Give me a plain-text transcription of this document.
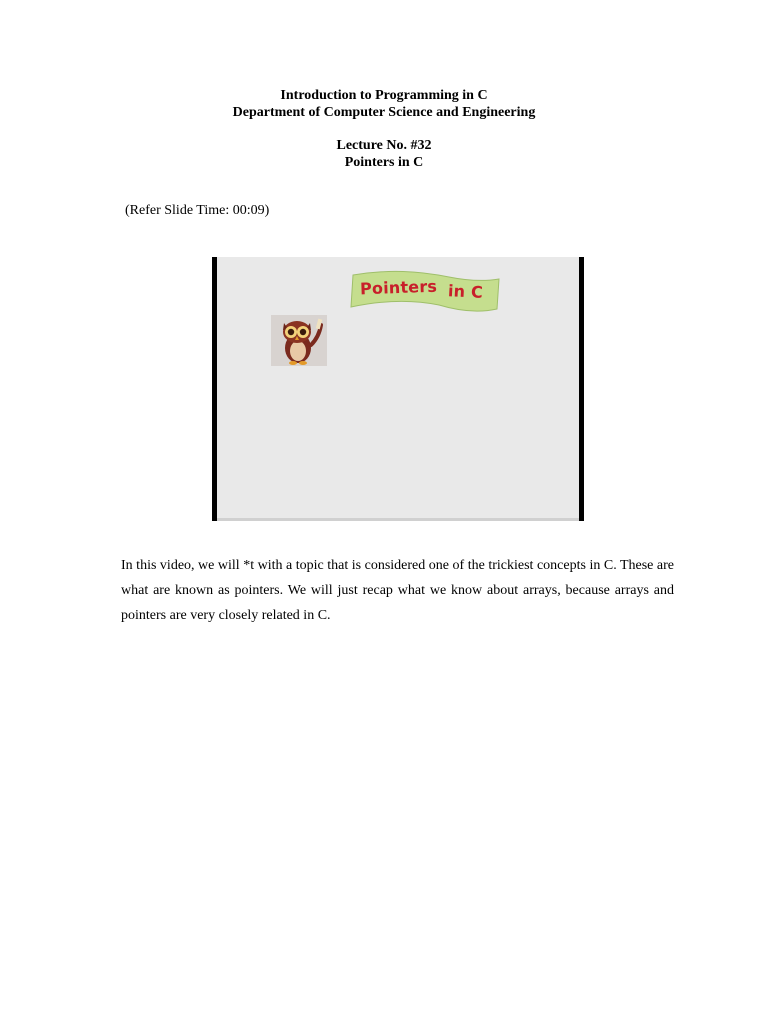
Introduction to Programming in C
Department of Computer Science and Engineering
Lecture No. #32
Pointers in C
(Refer Slide Time: 00:09)
Pointers in C

In this video, we will *t with a topic that is considered one of the trickiest concepts in C. These are what are known as pointers. We will just recap what we know about arrays, because arrays and pointers are very closely related in C.
